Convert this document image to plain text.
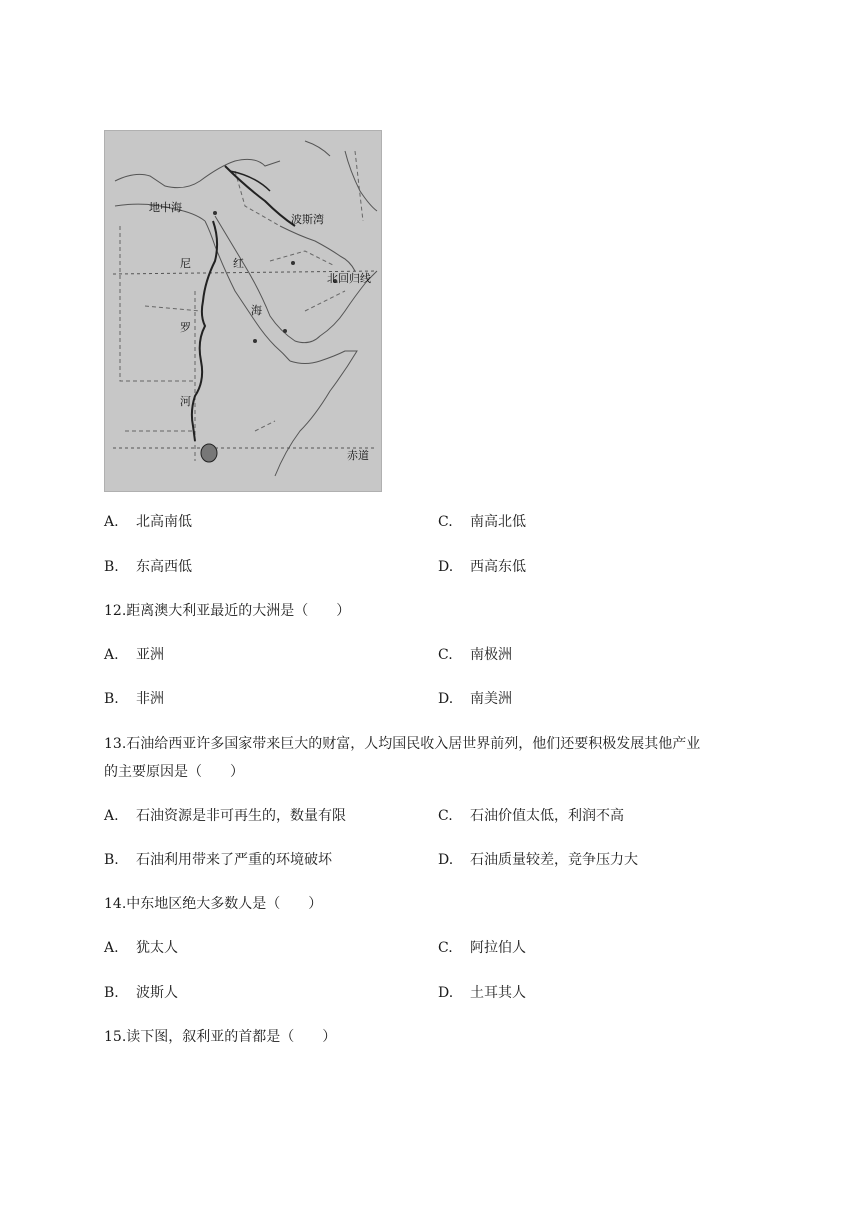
地中海
波斯湾
尼
罗
河
红
海
北回归线
赤道
A. 北高南低	C. 南高北低
B. 东高西低	D. 西高东低
12.距离澳大利亚最近的大洲是（　　）
A. 亚洲	C. 南极洲
B. 非洲	D. 南美洲
13.石油给西亚许多国家带来巨大的财富，人均国民收入居世界前列，他们还要积极发展其他产业
的主要原因是（　　）
A. 石油资源是非可再生的，数量有限	C. 石油价值太低，利润不高
B. 石油利用带来了严重的环境破坏	D. 石油质量较差，竞争压力大
14.中东地区绝大多数人是（　　）
A. 犹太人	C. 阿拉伯人
B. 波斯人	D. 土耳其人
15.读下图，叙利亚的首都是（　　）
